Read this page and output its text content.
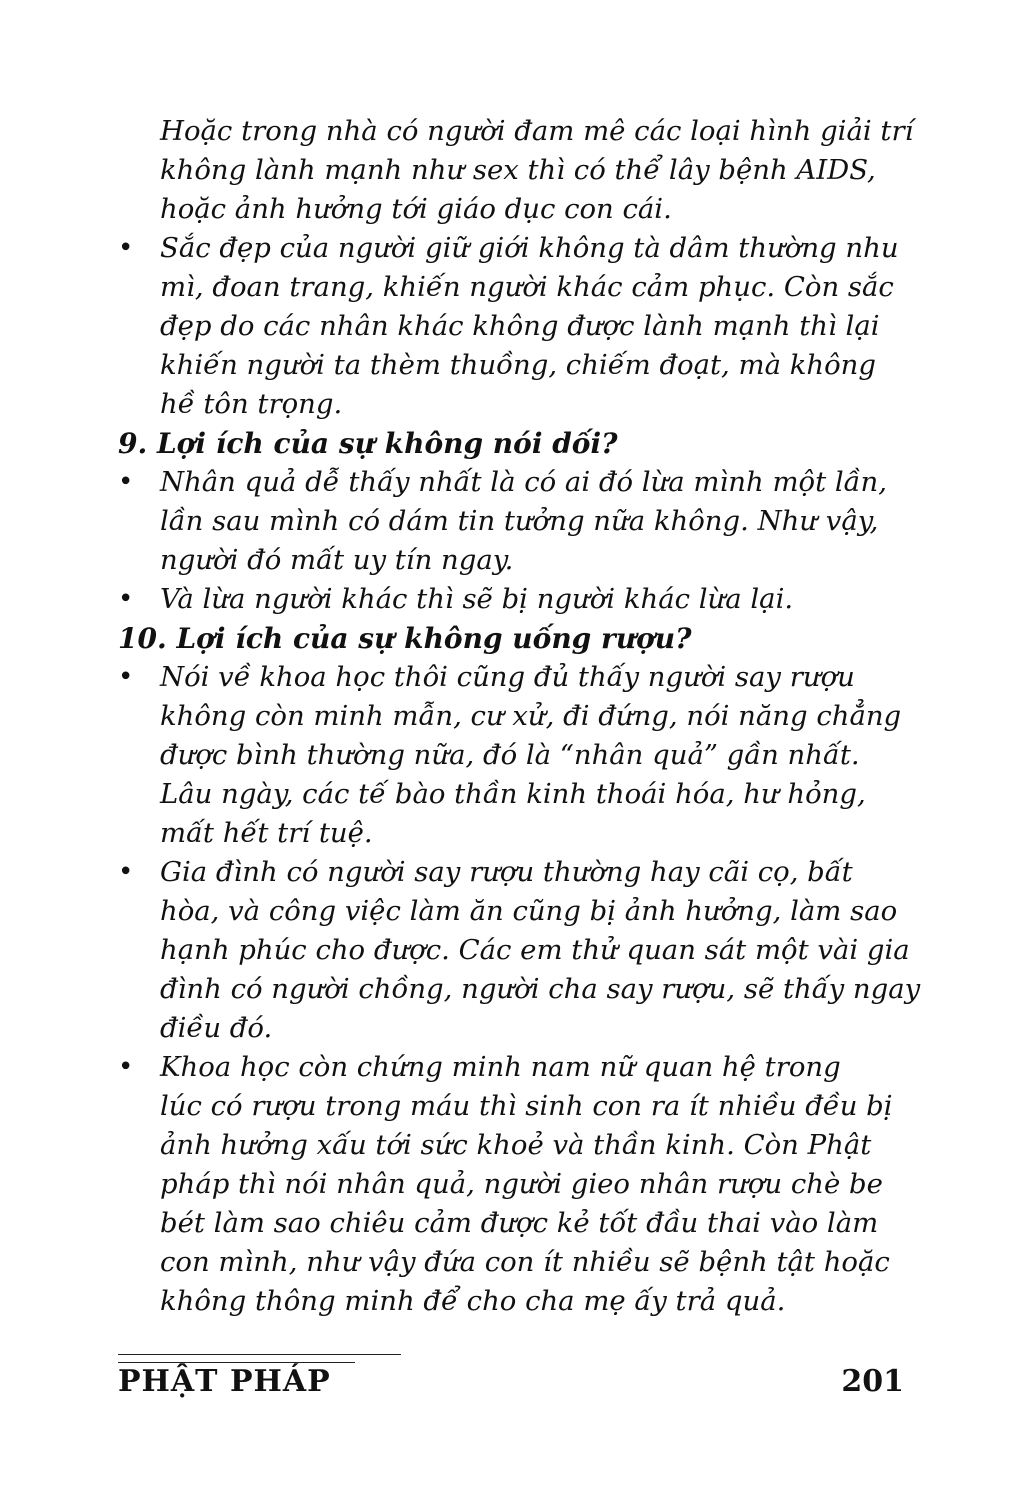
Hoặc trong nhà có người đam mê các loại hình giải trí
không lành mạnh như sex thì có thể lây bệnh AIDS,
hoặc ảnh hưởng tới giáo dục con cái.
• Sắc đẹp của người giữ giới không tà dâm thường nhu
mì, đoan trang, khiến người khác cảm phục. Còn sắc
đẹp do các nhân khác không được lành mạnh thì lại
khiến người ta thèm thuồng, chiếm đoạt, mà không
hề tôn trọng.
9. Lợi ích của sự không nói dối?
• Nhân quả dễ thấy nhất là có ai đó lừa mình một lần,
lần sau mình có dám tin tưởng nữa không. Như vậy,
người đó mất uy tín ngay.
• Và lừa người khác thì sẽ bị người khác lừa lại.
10. Lợi ích của sự không uống rượu?
• Nói về khoa học thôi cũng đủ thấy người say rượu
không còn minh mẫn, cư xử, đi đứng, nói năng chẳng
được bình thường nữa, đó là “nhân quả” gần nhất.
Lâu ngày, các tế bào thần kinh thoái hóa, hư hỏng,
mất hết trí tuệ.
• Gia đình có người say rượu thường hay cãi cọ, bất
hòa, và công việc làm ăn cũng bị ảnh hưởng, làm sao
hạnh phúc cho được. Các em thử quan sát một vài gia
đình có người chồng, người cha say rượu, sẽ thấy ngay
điều đó.
• Khoa học còn chứng minh nam nữ quan hệ trong
lúc có rượu trong máu thì sinh con ra ít nhiều đều bị
ảnh hưởng xấu tới sức khoẻ và thần kinh. Còn Phật
pháp thì nói nhân quả, người gieo nhân rượu chè be
bét làm sao chiêu cảm được kẻ tốt đầu thai vào làm
con mình, như vậy đứa con ít nhiều sẽ bệnh tật hoặc
không thông minh để cho cha mẹ ấy trả quả.
PHẬT PHÁP	201
